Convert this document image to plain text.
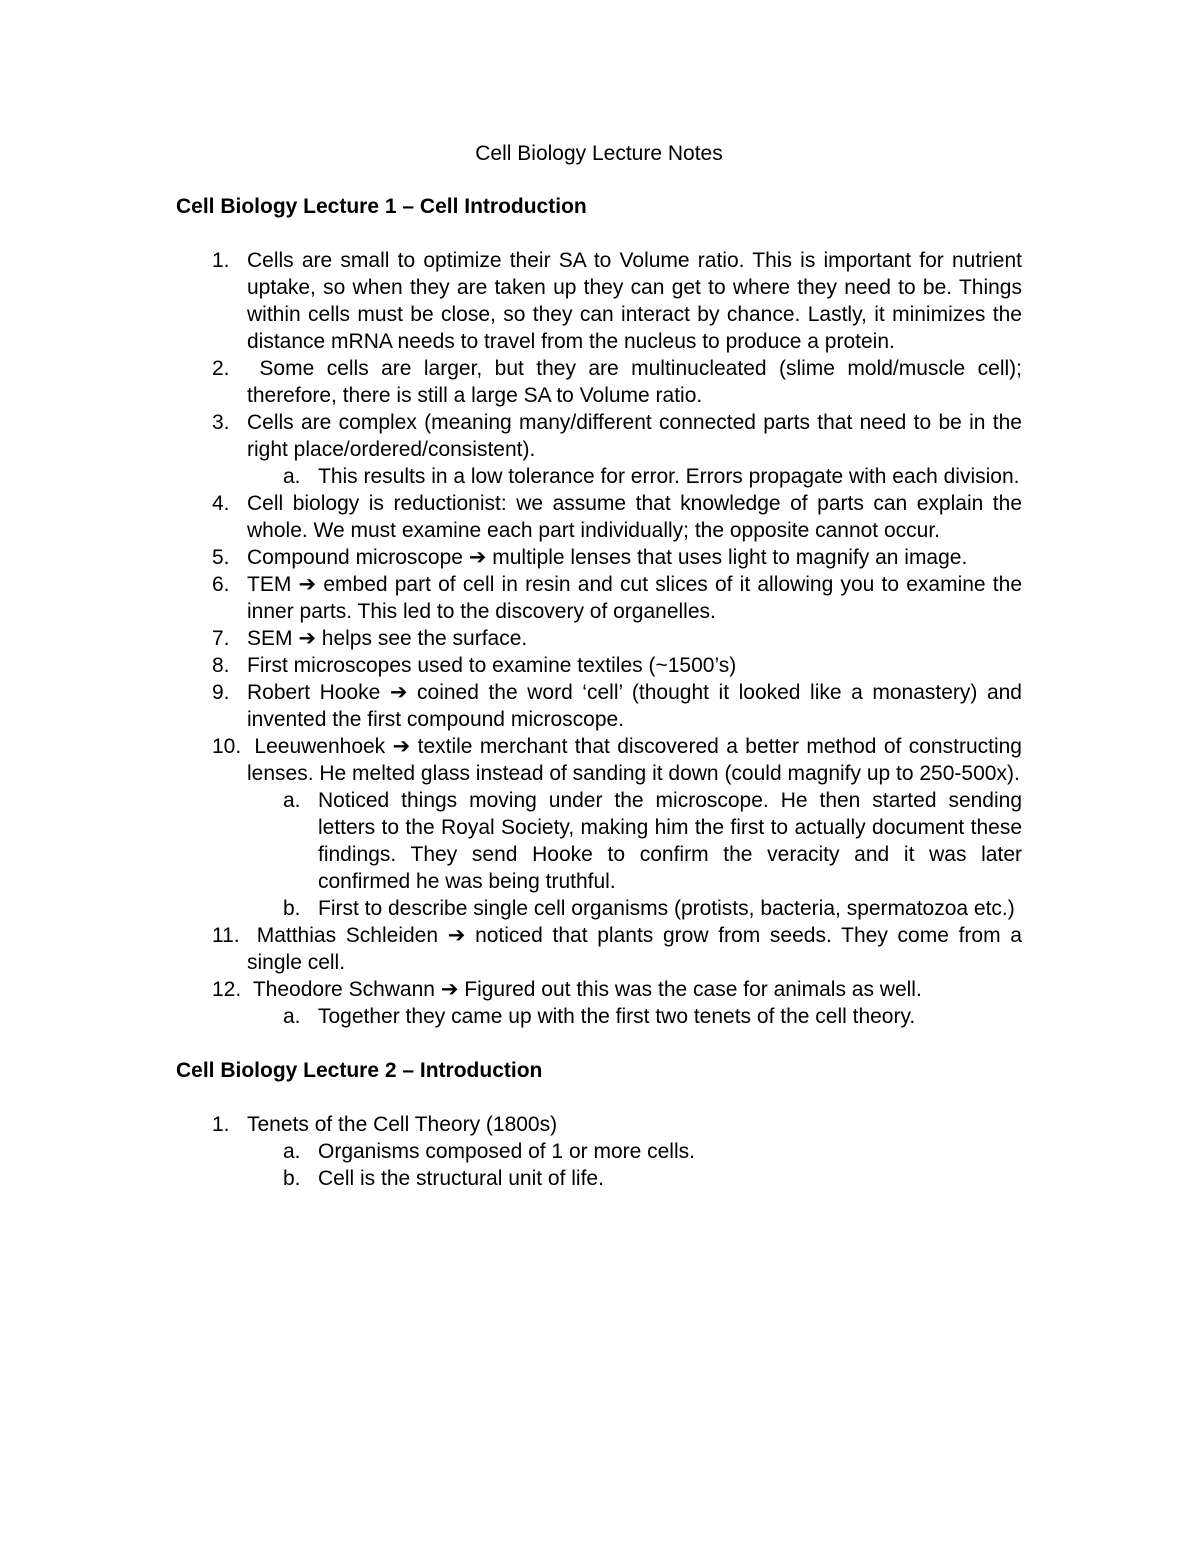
Cell Biology Lecture Notes
Cell Biology Lecture 1 – Cell Introduction
1. Cells are small to optimize their SA to Volume ratio. This is important for nutrient uptake, so when they are taken up they can get to where they need to be. Things within cells must be close, so they can interact by chance. Lastly, it minimizes the distance mRNA needs to travel from the nucleus to produce a protein.
2. Some cells are larger, but they are multinucleated (slime mold/muscle cell); therefore, there is still a large SA to Volume ratio.
3. Cells are complex (meaning many/different connected parts that need to be in the right place/ordered/consistent).
a. This results in a low tolerance for error. Errors propagate with each division.
4. Cell biology is reductionist: we assume that knowledge of parts can explain the whole. We must examine each part individually; the opposite cannot occur.
5. Compound microscope ➔ multiple lenses that uses light to magnify an image.
6. TEM ➔ embed part of cell in resin and cut slices of it allowing you to examine the inner parts. This led to the discovery of organelles.
7. SEM ➔ helps see the surface.
8. First microscopes used to examine textiles (~1500’s)
9. Robert Hooke ➔ coined the word ‘cell’ (thought it looked like a monastery) and invented the first compound microscope.
10. Leeuwenhoek ➔ textile merchant that discovered a better method of constructing lenses. He melted glass instead of sanding it down (could magnify up to 250-500x).
a. Noticed things moving under the microscope. He then started sending letters to the Royal Society, making him the first to actually document these findings. They send Hooke to confirm the veracity and it was later confirmed he was being truthful.
b. First to describe single cell organisms (protists, bacteria, spermatozoa etc.)
11. Matthias Schleiden ➔ noticed that plants grow from seeds. They come from a single cell.
12. Theodore Schwann ➔ Figured out this was the case for animals as well.
a. Together they came up with the first two tenets of the cell theory.
Cell Biology Lecture 2 – Introduction
1. Tenets of the Cell Theory (1800s)
a. Organisms composed of 1 or more cells.
b. Cell is the structural unit of life.
